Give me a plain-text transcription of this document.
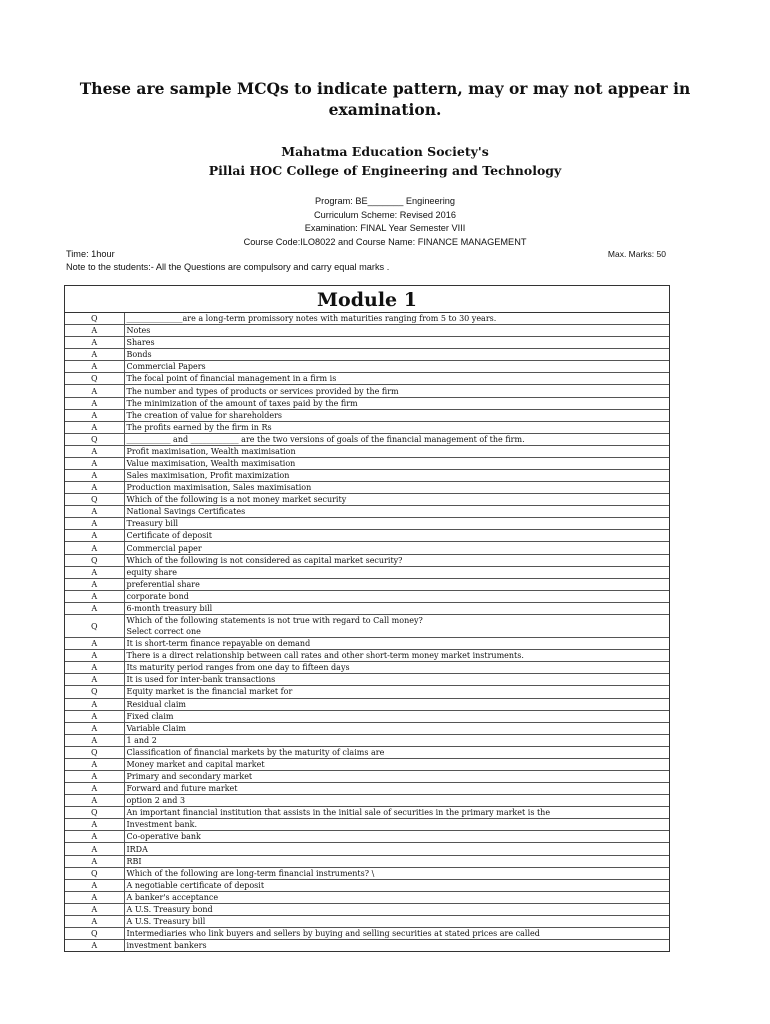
These are sample MCQs to indicate pattern, may or may not appear in examination.
Mahatma Education Society's
Pillai HOC College of Engineering and Technology
Program: BE_______ Engineering
Curriculum Scheme: Revised 2016
Examination: FINAL Year Semester VIII
Course Code:ILO8022 and Course Name: FINANCE MANAGEMENT
Time: 1hour	Max. Marks: 50
Note to the students:- All the Questions are compulsory and carry equal marks .
Module 1
Q	______________are a long-term promissory notes with maturities ranging from 5 to 30 years.
A	Notes
A	Shares
A	Bonds
A	Commercial Papers
Q	The focal point of financial management in a firm is
A	The number and types of products or services provided by the firm
A	The minimization of the amount of taxes paid by the firm
A	The creation of value for shareholders
A	The profits earned by the firm in Rs
Q	___________ and ____________ are the two versions of goals of the financial management of the firm.
A	Profit maximisation, Wealth maximisation
A	Value maximisation, Wealth maximisation
A	Sales maximisation, Profit maximization
A	Production maximisation, Sales maximisation
Q	Which of the following is a not money market security
A	National Savings Certificates
A	Treasury bill
A	Certificate of deposit
A	Commercial paper
Q	Which of the following is not considered as capital market security?
A	equity share
A	preferential share
A	corporate bond
A	6-month treasury bill
Q	Which of the following statements is not true with regard to Call money?
Select correct one

A	It is short-term finance repayable on demand
A	There is a direct relationship between call rates and other short-term money market instruments.
A	Its maturity period ranges from one day to fifteen days
A	It is used for inter-bank transactions
Q	Equity market is the financial market for
A	Residual claim
A	Fixed claim
A	Variable Claim
A	1 and 2
Q	Classification of financial markets by the maturity of claims are
A	Money market and capital market
A	Primary and secondary market
A	Forward and future market
A	option 2 and 3
Q	An important financial institution that assists in the initial sale of securities in the primary market is the
A	Investment bank.
A	Co-operative bank
A	IRDA
A	RBI
Q	Which of the following are long-term financial instruments? \
A	A negotiable certificate of deposit
A	A banker's acceptance
A	A U.S. Treasury bond
A	A U.S. Treasury bill
Q	Intermediaries who link buyers and sellers by buying and selling securities at stated prices are called
A	investment bankers
